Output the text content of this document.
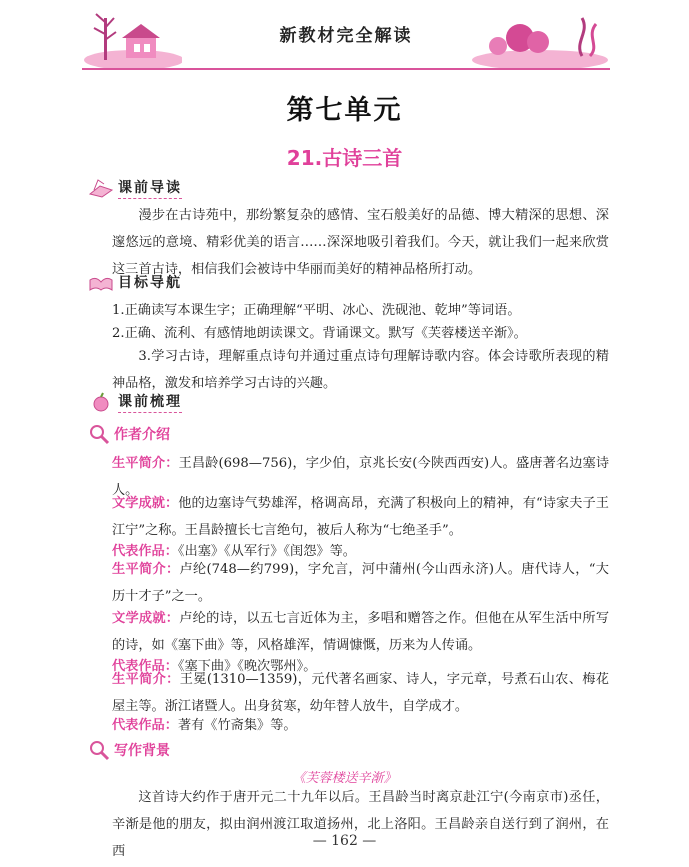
新教材完全解读
第七单元
21.古诗三首
课前导读
漫步在古诗苑中，那纷繁复杂的感情、宝石般美好的品德、博大精深的思想、深邃悠远的意境、精彩优美的语言……深深地吸引着我们。今天，就让我们一起来欣赏这三首古诗，相信我们会被诗中华丽而美好的精神品格所打动。
目标导航
1.正确读写本课生字；正确理解“平明、冰心、洗砚池、乾坤”等词语。
2.正确、流利、有感情地朗读课文。背诵课文。默写《芙蓉楼送辛渐》。
3.学习古诗，理解重点诗句并通过重点诗句理解诗歌内容。体会诗歌所表现的精神品格，激发和培养学习古诗的兴趣。
课前梳理
作者介绍
生平简介：王昌龄(698—756)，字少伯，京兆长安(今陕西西安)人。盛唐著名边塞诗人。
文学成就：他的边塞诗气势雄浑，格调高昂，充满了积极向上的精神，有“诗家夫子王江宁”之称。王昌龄擅长七言绝句，被后人称为“七绝圣手”。
代表作品：《出塞》《从军行》《闺怨》等。
生平简介：卢纶(748—约799)，字允言，河中蒲州(今山西永济)人。唐代诗人，“大历十才子”之一。
文学成就：卢纶的诗，以五七言近体为主，多唱和赠答之作。但他在从军生活中所写的诗，如《塞下曲》等，风格雄浑，情调慷慨，历来为人传诵。
代表作品：《塞下曲》《晚次鄂州》。
生平简介：王冕(1310—1359)，元代著名画家、诗人，字元章，号煮石山农、梅花屋主等。浙江诸暨人。出身贫寒，幼年替人放牛，自学成才。
代表作品：著有《竹斋集》等。
写作背景
《芙蓉楼送辛渐》
这首诗大约作于唐开元二十九年以后。王昌龄当时离京赴江宁(今南京市)丞任，辛渐是他的朋友，拟由润州渡江取道扬州，北上洛阳。王昌龄亲自送行到了润州，在西
— 162 —
